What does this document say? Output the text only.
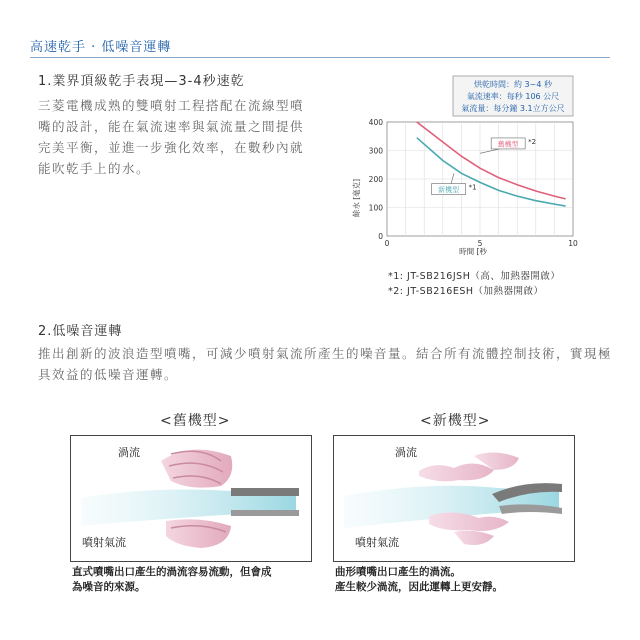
高速乾手 · 低噪音運轉
1.業界頂級乾手表現—3-4秒速乾
三菱電機成熟的雙噴射工程搭配在流線型噴嘴的設計，能在氣流速率與氣流量之間提供完美平衡，並進一步強化效率，在數秒內就能吹乾手上的水。
烘乾時間：約 3~4 秒
氣流速率：每秒 106 公尺
氣流量：每分鐘 3.1立方公尺
0
100
200
300
400
0	5	10
舊機型 *2
新機型 *1
餘水 [毫克]
時間 [秒
*1: JT-SB216JSH（高、加熱器開啟）
*2: JT-SB216ESH（加熱器開啟）
2.低噪音運轉
推出創新的波浪造型噴嘴，可減少噴射氣流所產生的噪音量。結合所有流體控制技術，實現極具效益的低噪音運轉。
<舊機型>	<新機型>
渦流
噴射氣流
渦流
噴射氣流
直式噴嘴出口產生的渦流容易流動，但會成
為噪音的來源。
曲形噴嘴出口產生的渦流。
產生較少渦流，因此運轉上更安靜。
